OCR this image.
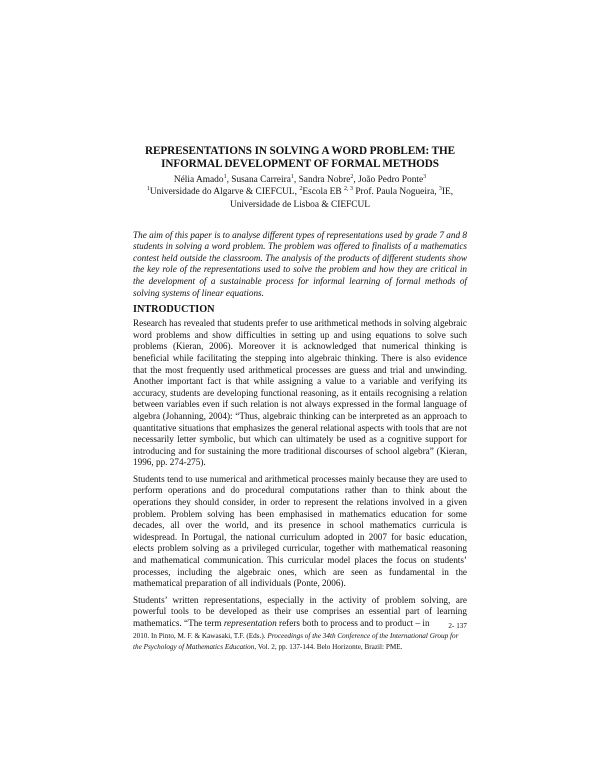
REPRESENTATIONS IN SOLVING A WORD PROBLEM: THE INFORMAL DEVELOPMENT OF FORMAL METHODS
Nélia Amado$^1$, Susana Carreira$^1$, Sandra Nobre$^2$, João Pedro Ponte$^3$
$^1$Universidade do Algarve & CIEFCUL, $^2$Escola EB $^{2, 3}$ Prof. Paula Nogueira, $^3$IE, Universidade de Lisboa & CIEFCUL

The aim of this paper is to analyse different types of representations used by grade 7 and 8 students in solving a word problem. The problem was offered to finalists of a mathematics contest held outside the classroom. The analysis of the products of different students show the key role of the representations used to solve the problem and how they are critical in the development of a sustainable process for informal learning of formal methods of solving systems of linear equations.

INTRODUCTION

Research has revealed that students prefer to use arithmetical methods in solving algebraic word problems and show difficulties in setting up and using equations to solve such problems (Kieran, 2006). Moreover it is acknowledged that numerical thinking is beneficial while facilitating the stepping into algebraic thinking. There is also evidence that the most frequently used arithmetical processes are guess and trial and unwinding. Another important fact is that while assigning a value to a variable and verifying its accuracy, students are developing functional reasoning, as it entails recognising a relation between variables even if such relation is not always expressed in the formal language of algebra (Johanning, 2004): “Thus, algebraic thinking can be interpreted as an approach to quantitative situations that emphasizes the general relational aspects with tools that are not necessarily letter symbolic, but which can ultimately be used as a cognitive support for introducing and for sustaining the more traditional discourses of school algebra” (Kieran, 1996, pp. 274-275).

Students tend to use numerical and arithmetical processes mainly because they are used to perform operations and do procedural computations rather than to think about the operations they should consider, in order to represent the relations involved in a given problem. Problem solving has been emphasised in mathematics education for some decades, all over the world, and its presence in school mathematics curricula is widespread. In Portugal, the national curriculum adopted in 2007 for basic education, elects problem solving as a privileged curricular, together with mathematical reasoning and mathematical communication. This curricular model places the focus on students’ processes, including the algebraic ones, which are seen as fundamental in the mathematical preparation of all individuals (Ponte, 2006).

Students’ written representations, especially in the activity of problem solving, are powerful tools to be developed as their use comprises an essential part of learning mathematics. “The term representation refers both to process and to product – in	2- 137
2010. In Pinto, M. F. & Kawasaki, T.F. (Eds.). Proceedings of the 34th Conference of the International Group for the Psychology of Mathematics Education, Vol. 2, pp. 137-144. Belo Horizonte, Brazil: PME.
